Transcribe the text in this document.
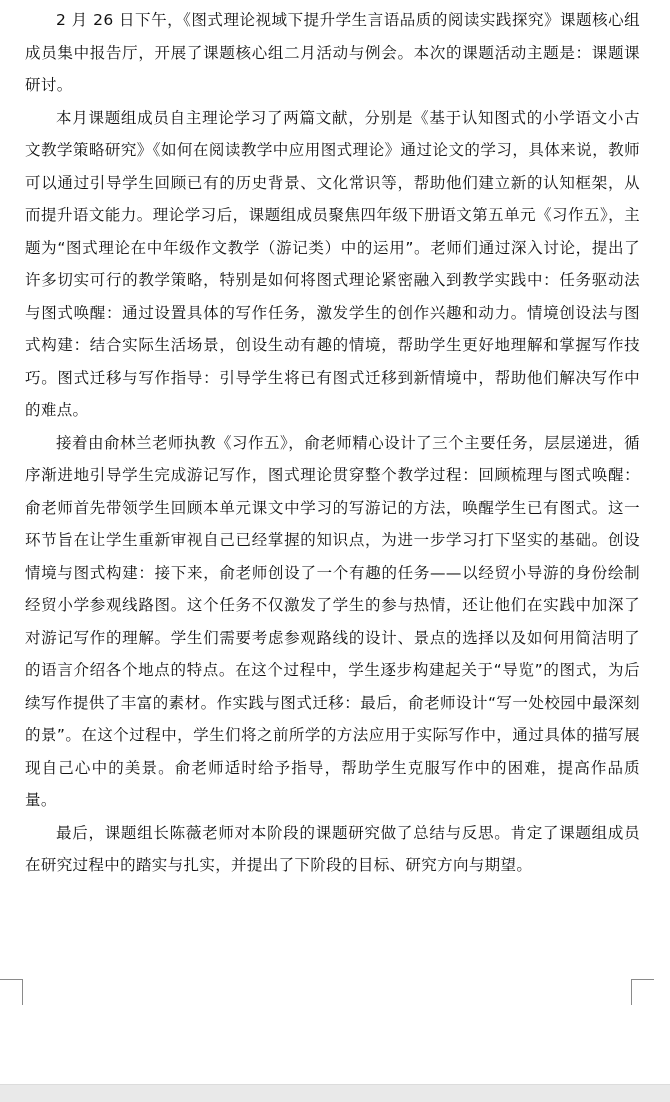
2 月 26 日下午，《图式理论视域下提升学生言语品质的阅读实践探究》课题核心组成员集中报告厅，开展了课题核心组二月活动与例会。本次的课题活动主题是：课题课研讨。

本月课题组成员自主理论学习了两篇文献，分别是《基于认知图式的小学语文小古文教学策略研究》《如何在阅读教学中应用图式理论》通过论文的学习，具体来说，教师可以通过引导学生回顾已有的历史背景、文化常识等，帮助他们建立新的认知框架，从而提升语文能力。理论学习后，课题组成员聚焦四年级下册语文第五单元《习作五》，主题为“图式理论在中年级作文教学（游记类）中的运用”。老师们通过深入讨论，提出了许多切实可行的教学策略，特别是如何将图式理论紧密融入到教学实践中：任务驱动法与图式唤醒：通过设置具体的写作任务，激发学生的创作兴趣和动力。情境创设法与图式构建：结合实际生活场景，创设生动有趣的情境，帮助学生更好地理解和掌握写作技巧。图式迁移与写作指导：引导学生将已有图式迁移到新情境中，帮助他们解决写作中的难点。

接着由俞林兰老师执教《习作五》，俞老师精心设计了三个主要任务，层层递进，循序渐进地引导学生完成游记写作，图式理论贯穿整个教学过程：回顾梳理与图式唤醒：俞老师首先带领学生回顾本单元课文中学习的写游记的方法，唤醒学生已有图式。这一环节旨在让学生重新审视自己已经掌握的知识点，为进一步学习打下坚实的基础。创设情境与图式构建：接下来，俞老师创设了一个有趣的任务——以经贸小导游的身份绘制经贸小学参观线路图。这个任务不仅激发了学生的参与热情，还让他们在实践中加深了对游记写作的理解。学生们需要考虑参观路线的设计、景点的选择以及如何用简洁明了的语言介绍各个地点的特点。在这个过程中，学生逐步构建起关于“导览”的图式，为后续写作提供了丰富的素材。作实践与图式迁移：最后，俞老师设计“写一处校园中最深刻的景”。在这个过程中，学生们将之前所学的方法应用于实际写作中，通过具体的描写展现自己心中的美景。俞老师适时给予指导，帮助学生克服写作中的困难，提高作品质量。

最后，课题组长陈薇老师对本阶段的课题研究做了总结与反思。肯定了课题组成员在研究过程中的踏实与扎实，并提出了下阶段的目标、研究方向与期望。
